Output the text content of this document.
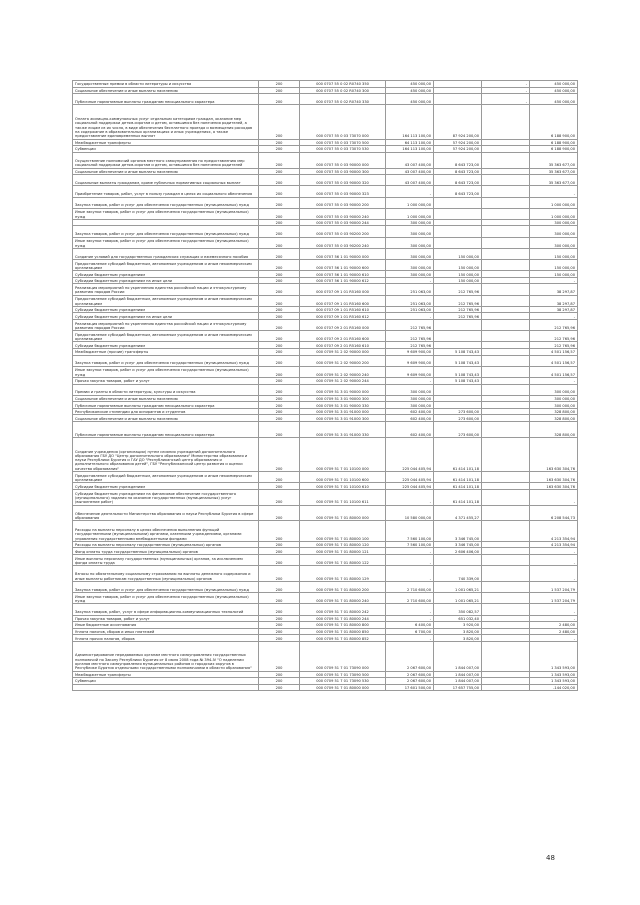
Государственные премии в области литературы и искусства	200	000 0707 55 0 02 R0740 350	450 000,00		-	450 000,00
Социальное обеспечение и иные выплаты населению	200	000 0707 55 0 02 R0740 300	450 000,00		-	450 000,00
Публичные нормативные выплаты гражданам несоциального характера	200	000 0707 55 0 02 R0740 330	450 000,00		-	450 000,00
Оплата жилищно-коммунальных услуг отдельным категориям граждан, оказание мер социальной поддержки детям-сиротам и детям, оставшимся без попечения родителей, а также лицам из их числа, в виде обеспечения бесплатного проезда и возмещения расходов на содержание в образовательных организациях и иных учреждениях, а также предоставление единовременных выплат	200	000 0707 55 0 03 73070 000	164 113 100,00	87 924 200,00		6 188 900,00
Межбюджетные трансферты	200	000 0707 55 0 03 73070 500	64 113 100,00	57 924 200,00		6 188 900,00
Субвенции	200	000 0707 55 0 03 73070 530	164 113 100,00	57 924 200,00		6 188 900,00
Осуществление полномочий органов местного самоуправления по предоставлению мер социальной поддержки детям-сиротам и детям, оставшимся без попечения родителей	200	000 0707 55 0 03 90000 000	43 007 400,00	8 643 723,00		35 363 677,00
Социальное обеспечение и иные выплаты населению	200	000 0707 55 0 03 90000 300	43 007 400,00	8 643 723,00		35 363 677,00
Социальные выплаты гражданам, кроме публичных нормативных социальных выплат	200	000 0707 55 0 03 90000 320	43 007 400,00	8 643 723,00		35 363 677,00
Приобретение товаров, работ, услуг в пользу граждан в целях их социального обеспечения	200	000 0707 55 0 03 90000 323	-	8 643 723,00		-
Закупка товаров, работ и услуг для обеспечения государственных (муниципальных) нужд	200	000 0707 55 0 03 90000 200	1 000 000,00			1 000 000,00
Иные закупки товаров, работ и услуг для обеспечения государственных (муниципальных) нужд	200	000 0707 55 0 03 90000 240	1 000 000,00			1 000 000,00
	200	000 0707 55 0 03 90000 244	300 000,00			300 000,00
Закупка товаров, работ и услуг для обеспечения государственных (муниципальных) нужд	200	000 0707 55 0 03 90200 200	300 000,00			300 000,00
Иные закупки товаров, работ и услуг для обеспечения государственных (муниципальных) нужд	200	000 0707 55 0 03 90200 240	300 000,00			300 000,00
Создание условий для государственных гражданских служащих и ежемесячного пособия	200	000 0707 56 1 01 90000 000	300 000,00	150 000,00		150 000,00
Предоставление субсидий бюджетным, автономным учреждениям и иным некоммерческим организациям	200	000 0707 56 1 01 90000 600	300 000,00	150 000,00		150 000,00
Субсидии бюджетным учреждениям	200	000 0707 56 1 01 90000 610	300 000,00	150 000,00		150 000,00
Субсидии бюджетным учреждениям на иные цели	200	000 0707 56 1 01 90000 612	-	150 000,00		-
Реализация мероприятий по укреплению единства российской нации и этнокультурному развитию народов России	200	000 0707 09 1 01 R5160 000	251 063,00	212 765,96		38 297,87
Предоставление субсидий бюджетным, автономным учреждениям и иным некоммерческим организациям	200	000 0707 09 1 01 R5160 600	251 063,00	212 765,96		38 297,87
Субсидии бюджетным учреждениям	200	000 0707 09 1 01 R5160 610	251 063,00	212 765,96		38 297,87
Субсидии бюджетным учреждениям на иные цели	200	000 0707 09 1 01 R5160 612	-	212 765,96		-
Реализация мероприятий по укреплению единства российской нации и этнокультурному развитию народов России	200	000 0707 09 2 01 R5160 000	212 765,96			212 765,96
Предоставление субсидий бюджетным, автономным учреждениям и иным некоммерческим организациям	200	000 0707 09 2 01 R5160 600	212 765,96			212 765,96
Субсидии бюджетным учреждениям	200	000 0707 09 2 01 R5160 610	212 765,96			212 765,96
Межбюджетные (прочие) трансферты	200	000 0709 51 2 02 90000 000	9 609 900,00	5 108 743,43		4 501 156,57
Закупка товаров, работ и услуг для обеспечения государственных (муниципальных) нужд	200	000 0709 51 2 02 90000 200	9 609 900,00	5 108 743,43		4 501 156,57
Иные закупки товаров, работ и услуг для обеспечения государственных (муниципальных) нужд	200	000 0709 51 2 02 90000 240	9 609 900,00	5 108 743,43		4 501 156,57
Прочая закупка товаров, работ и услуг	200	000 0709 51 2 02 90000 244	-	5 108 743,43		-
Премии и гранты в области литературы, культуры и искусства	200	000 0709 51 3 01 90000 000	300 000,00			300 000,00
Социальное обеспечение и иные выплаты населению	200	000 0709 51 3 01 90000 300	300 000,00			300 000,00
Публичные нормативные выплаты гражданам несоциального характера	200	000 0709 51 3 01 90000 330	300 000,00			300 000,00
Республиканские стипендии для аспирантов и студентов	200	000 0709 51 3 01 91000 000	602 400,00	273 600,00		328 800,00
Социальное обеспечение и иные выплаты населению	200	000 0709 51 3 01 91000 300	602 400,00	273 600,00		328 800,00
Публичные нормативные выплаты гражданам несоциального характера	200	000 0709 51 3 01 91000 330	602 400,00	273 600,00		328 800,00
Создание учреждения (организации) путем слияния учреждений дополнительного образования ГБУ ДО "Центр дополнительного образования" Министерства образования и науки Республики Бурятия и ГАУ ДО "Республиканский центр образования и дополнительного образования детей", ГБУ "Республиканский центр развития и оценки качества образования"	200	000 0709 51 7 01 10100 000	225 044 405,94	61 414 101,18		163 630 304,76
Предоставление субсидий бюджетным, автономным учреждениям и иным некоммерческим организациям	200	000 0709 51 7 01 10100 600	225 044 405,94	61 414 101,18		163 630 304,76
Субсидии бюджетным учреждениям	200	000 0709 51 7 01 10100 610	225 044 405,94	61 414 101,18		163 630 304,76
Субсидии бюджетным учреждениям на финансовое обеспечение государственного (муниципального) задания на оказание государственных (муниципальных) услуг (выполнение работ)	200	000 0709 51 7 01 10100 611	-	61 414 101,18		-
Обеспечение деятельности Министерства образования и науки Республики Бурятия в сфере образования	200	000 0709 51 7 01 80000 000	10 580 000,00	4 371 455,27		6 208 544,73
Расходы на выплаты персоналу в целях обеспечения выполнения функций государственными (муниципальными) органами, казенными учреждениями, органами управления государственными внебюджетными фондами	200	000 0709 51 7 01 80000 100	7 560 100,00	3 346 745,00		4 213 354,94
Расходы на выплаты персоналу государственных (муниципальных) органов	200	000 0709 51 7 01 80000 120	7 560 100,00	3 346 745,00		4 213 354,94
Фонд оплаты труда государственных (муниципальных) органов	200	000 0709 51 7 01 80000 121	-	2 606 406,00		-
Иные выплаты персоналу государственных (муниципальных) органов, за исключением фонда оплаты труда	200	000 0709 51 7 01 80000 122	-			-
Взносы по обязательному социальному страхованию на выплаты денежного содержания и иные выплаты работникам государственных (муниципальных) органов	200	000 0709 51 7 01 80000 129	-	740 339,00		-
Закупка товаров, работ и услуг для обеспечения государственных (муниципальных) нужд	200	000 0709 51 7 01 80000 200	2 710 600,00	1 001 065,21		1 537 204,79
Иные закупки товаров, работ и услуг для обеспечения государственных (муниципальных) нужд	200	000 0709 51 7 01 80000 240	2 710 600,00	1 001 065,21		1 537 204,79
Закупка товаров, работ, услуг в сфере информационно-коммуникационных технологий	200	000 0709 51 7 01 80000 242	-	350 082,57		-
Прочая закупка товаров, работ и услуг	200	000 0709 51 7 01 80000 244	-	651 032,40		-
Иные бюджетные ассигнования	200	000 0709 51 7 01 80000 800	6 400,00	3 920,00		2 480,00
Уплата налогов, сборов и иных платежей	200	000 0709 51 7 01 80000 850	6 700,00	3 820,00		2 480,00
Уплата прочих налогов, сборов	200	000 0709 51 7 01 80000 852	-	3 820,00		-
Администрирование передаваемых органам местного самоуправления государственных полномочий по Закону Республики Бурятия от 8 июля 2008 года № 394-IV "О наделении органов местного самоуправления муниципальных районов и городских округов в Республике Бурятия отдельными государственными полномочиями в области образования"	200	000 0709 51 7 01 73090 000	2 067 600,00	1 844 007,00		1 343 593,00
Межбюджетные трансферты	200	000 0709 51 7 01 73090 500	2 067 600,00	1 844 007,00		1 343 593,00
Субвенции	200	000 0709 51 7 01 73090 530	2 067 600,00	1 844 007,00		1 343 593,00
	200	000 0709 51 7 01 80000 000	17 601 500,00	17 657 755,00		-144 020,00
48
